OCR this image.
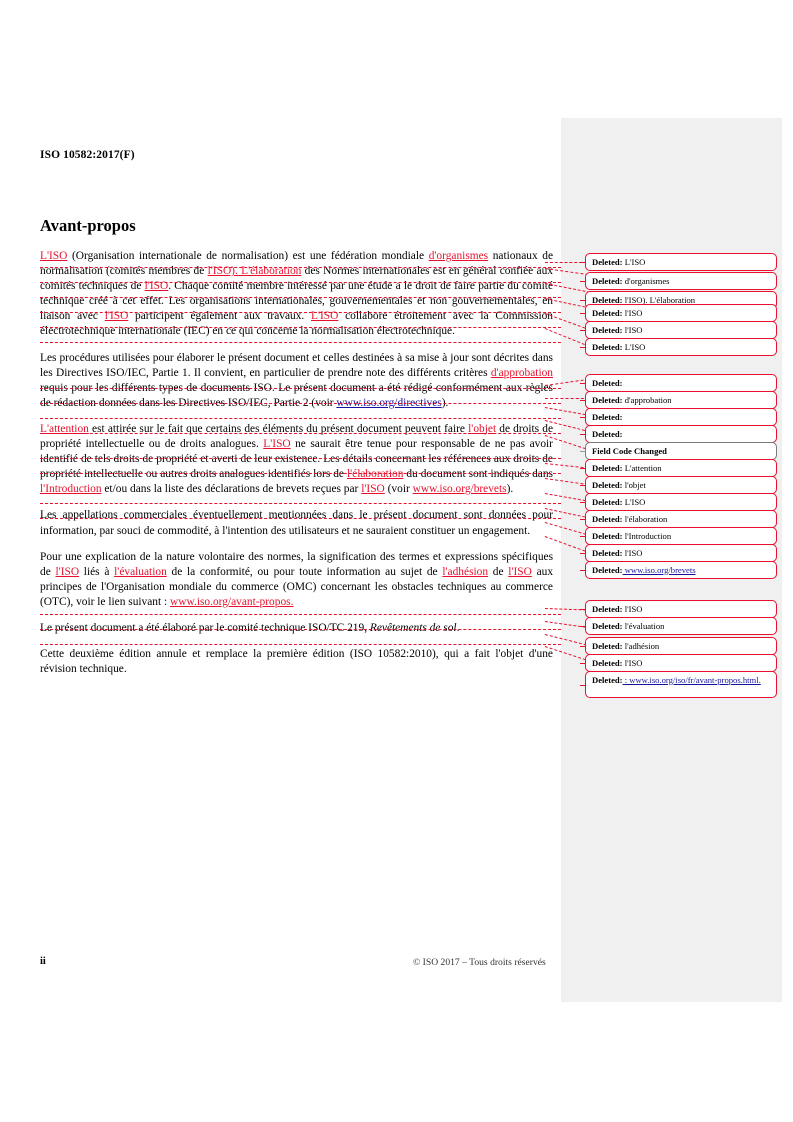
ISO 10582:2017(F)
Avant-propos

L'ISO (Organisation internationale de normalisation) est une fédération mondiale d'organismes nationaux de normalisation (comités membres de l'ISO). L'élaboration des Normes internationales est en général confiée aux comités techniques de l'ISO. Chaque comité membre intéressé par une étude a le droit de faire partie du comité technique créé à cet effet. Les organisations internationales, gouvernementales et non gouvernementales, en liaison avec l'ISO participent également aux travaux. L'ISO collabore étroitement avec la Commission électrotechnique internationale (IEC) en ce qui concerne la normalisation électrotechnique.

Les procédures utilisées pour élaborer le présent document et celles destinées à sa mise à jour sont décrites dans les Directives ISO/IEC, Partie 1. Il convient, en particulier de prendre note des différents critères d'approbation requis pour les différents types de documents ISO. Le présent document a été rédigé conformément aux règles de rédaction données dans les Directives ISO/IEC, Partie 2 (voir www.iso.org/directives).

L'attention est attirée sur le fait que certains des éléments du présent document peuvent faire l'objet de droits de propriété intellectuelle ou de droits analogues. L'ISO ne saurait être tenue pour responsable de ne pas avoir identifié de tels droits de propriété et averti de leur existence. Les détails concernant les références aux droits de propriété intellectuelle ou autres droits analogues identifiés lors de l'élaboration du document sont indiqués dans l'Introduction et/ou dans la liste des déclarations de brevets reçues par l'ISO (voir www.iso.org/brevets).

Les appellations commerciales éventuellement mentionnées dans le présent document sont données pour information, par souci de commodité, à l'intention des utilisateurs et ne sauraient constituer un engagement.

Pour une explication de la nature volontaire des normes, la signification des termes et expressions spécifiques de l'ISO liés à l'évaluation de la conformité, ou pour toute information au sujet de l'adhésion de l'ISO aux principes de l'Organisation mondiale du commerce (OMC) concernant les obstacles techniques au commerce (OTC), voir le lien suivant : www.iso.org/avant-propos.

Le présent document a été élaboré par le comité technique ISO/TC 219, Revêtements de sol.

Cette deuxième édition annule et remplace la première édition (ISO 10582:2010), qui a fait l'objet d'une révision technique.

Deleted: L'ISO
Deleted: d'organismes
Deleted: l'ISO). L'élaboration
Deleted: l'ISO
Deleted: l'ISO
Deleted: L'ISO
Deleted:
Deleted: d'approbation
Deleted:
Deleted:
Field Code Changed
Deleted: L'attention
Deleted: l'objet
Deleted: L'ISO
Deleted: l'élaboration
Deleted: l'Introduction
Deleted: l'ISO
Deleted: www.iso.org/brevets
Deleted: l'ISO
Deleted: l'évaluation
Deleted: l'adhésion
Deleted: l'ISO
Deleted: : www.iso.org/iso/fr/avant-propos.html.
ii	© ISO 2017 – Tous droits réservés
